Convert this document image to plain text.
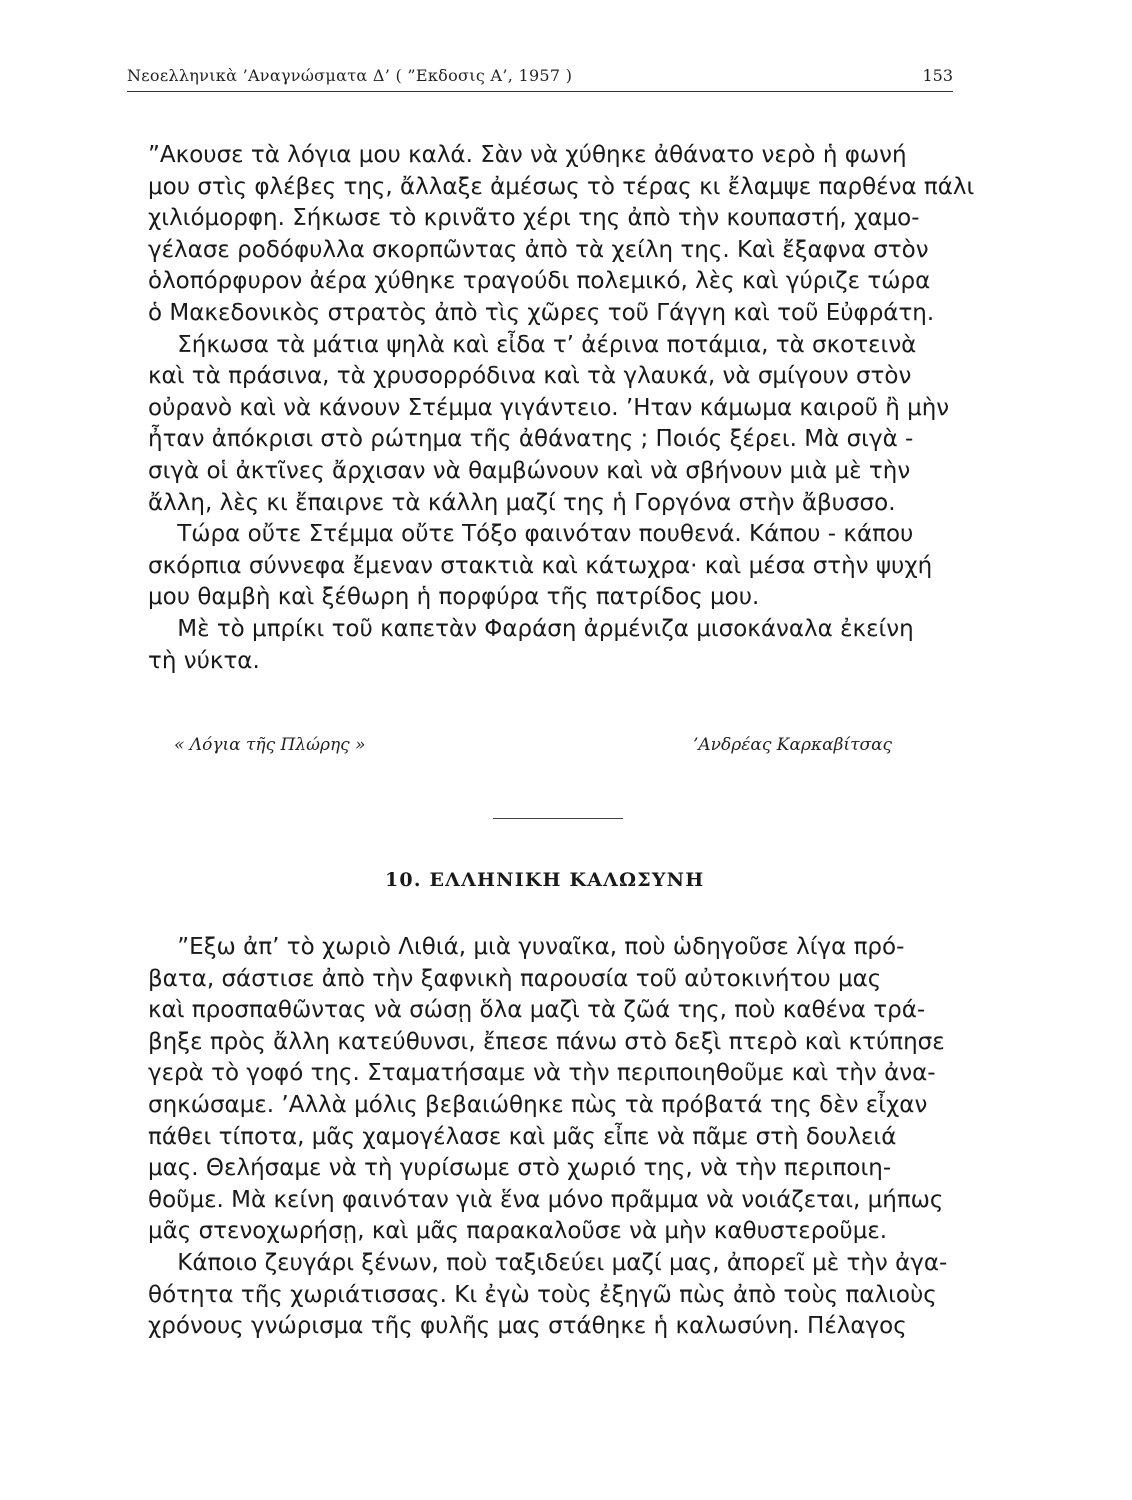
Νεοελληνικὰ ’Αναγνώσματα Δ’ ( ”Εκδοσις Α’, 1957 )	153
”Ακουσε τὰ λόγια μου καλά. Σὰν νὰ χύθηκε ἀθάνατο νερὸ ἡ φωνή
μου στὶς φλέβες της, ἄλλαξε ἀμέσως τὸ τέρας κι ἔλαμψε παρθένα πάλι
χιλιόμορφη. Σήκωσε τὸ κρινᾶτο χέρι της ἀπὸ τὴν κουπαστή, χαμο-
γέλασε ροδόφυλλα σκορπῶντας ἀπὸ τὰ χείλη της. Καὶ ἔξαφνα στὸν
ὁλοπόρφυρον ἀέρα χύθηκε τραγούδι πολεμικό, λὲς καὶ γύριζε τώρα
ὁ Μακεδονικὸς στρατὸς ἀπὸ τὶς χῶρες τοῦ Γάγγη καὶ τοῦ Εὐφράτη.
Σήκωσα τὰ μάτια ψηλὰ καὶ εἶδα τ’ ἀέρινα ποτάμια, τὰ σκοτεινὰ
καὶ τὰ πράσινα, τὰ χρυσορρόδινα καὶ τὰ γλαυκά, νὰ σμίγουν στὸν
οὐρανὸ καὶ νὰ κάνουν Στέμμα γιγάντειο. ’Ηταν κάμωμα καιροῦ ἢ μὴν
ἦταν ἀπόκρισι στὸ ρώτημα τῆς ἀθάνατης ; Ποιός ξέρει. Μὰ σιγὰ -
σιγὰ οἱ ἀκτῖνες ἄρχισαν νὰ θαμβώνουν καὶ νὰ σβήνουν μιὰ μὲ τὴν
ἄλλη, λὲς κι ἔπαιρνε τὰ κάλλη μαζί της ἡ Γοργόνα στὴν ἄβυσσο.
Τώρα οὔτε Στέμμα οὔτε Τόξο φαινόταν πουθενά. Κάπου - κάπου
σκόρπια σύννεφα ἔμεναν στακτιὰ καὶ κάτωχρα· καὶ μέσα στὴν ψυχή
μου θαμβὴ καὶ ξέθωρη ἡ πορφύρα τῆς πατρίδος μου.
Μὲ τὸ μπρίκι τοῦ καπετὰν Φαράση ἀρμένιζα μισοκάναλα ἐκείνη
τὴ νύκτα.
« Λόγια τῆς Πλώρης »	’Ανδρέας Καρκαβίτσας
10. ΕΛΛΗΝΙΚΗ ΚΑΛΩΣΥΝΗ
”Εξω ἀπ’ τὸ χωριὸ Λιθιά, μιὰ γυναῖκα, ποὺ ὡδηγοῦσε λίγα πρό-
βατα, σάστισε ἀπὸ τὴν ξαφνικὴ παρουσία τοῦ αὐτοκινήτου μας
καὶ προσπαθῶντας νὰ σώσῃ ὅλα μαζὶ τὰ ζῶά της, ποὺ καθένα τρά-
βηξε πρὸς ἄλλη κατεύθυνσι, ἔπεσε πάνω στὸ δεξὶ πτερὸ καὶ κτύπησε
γερὰ τὸ γοφό της. Σταματήσαμε νὰ τὴν περιποιηθοῦμε καὶ τὴν ἀνα-
σηκώσαμε. ’Αλλὰ μόλις βεβαιώθηκε πὼς τὰ πρόβατά της δὲν εἶχαν
πάθει τίποτα, μᾶς χαμογέλασε καὶ μᾶς εἶπε νὰ πᾶμε στὴ δουλειά
μας. Θελήσαμε νὰ τὴ γυρίσωμε στὸ χωριό της, νὰ τὴν περιποιη-
θοῦμε. Μὰ κείνη φαινόταν γιὰ ἕνα μόνο πρᾶμμα νὰ νοιάζεται, μήπως
μᾶς στενοχωρήσῃ, καὶ μᾶς παρακαλοῦσε νὰ μὴν καθυστεροῦμε.
Κάποιο ζευγάρι ξένων, ποὺ ταξιδεύει μαζί μας, ἀπορεῖ μὲ τὴν ἀγα-
θότητα τῆς χωριάτισσας. Κι ἐγὼ τοὺς ἐξηγῶ πὼς ἀπὸ τοὺς παλιοὺς
χρόνους γνώρισμα τῆς φυλῆς μας στάθηκε ἡ καλωσύνη. Πέλαγος
